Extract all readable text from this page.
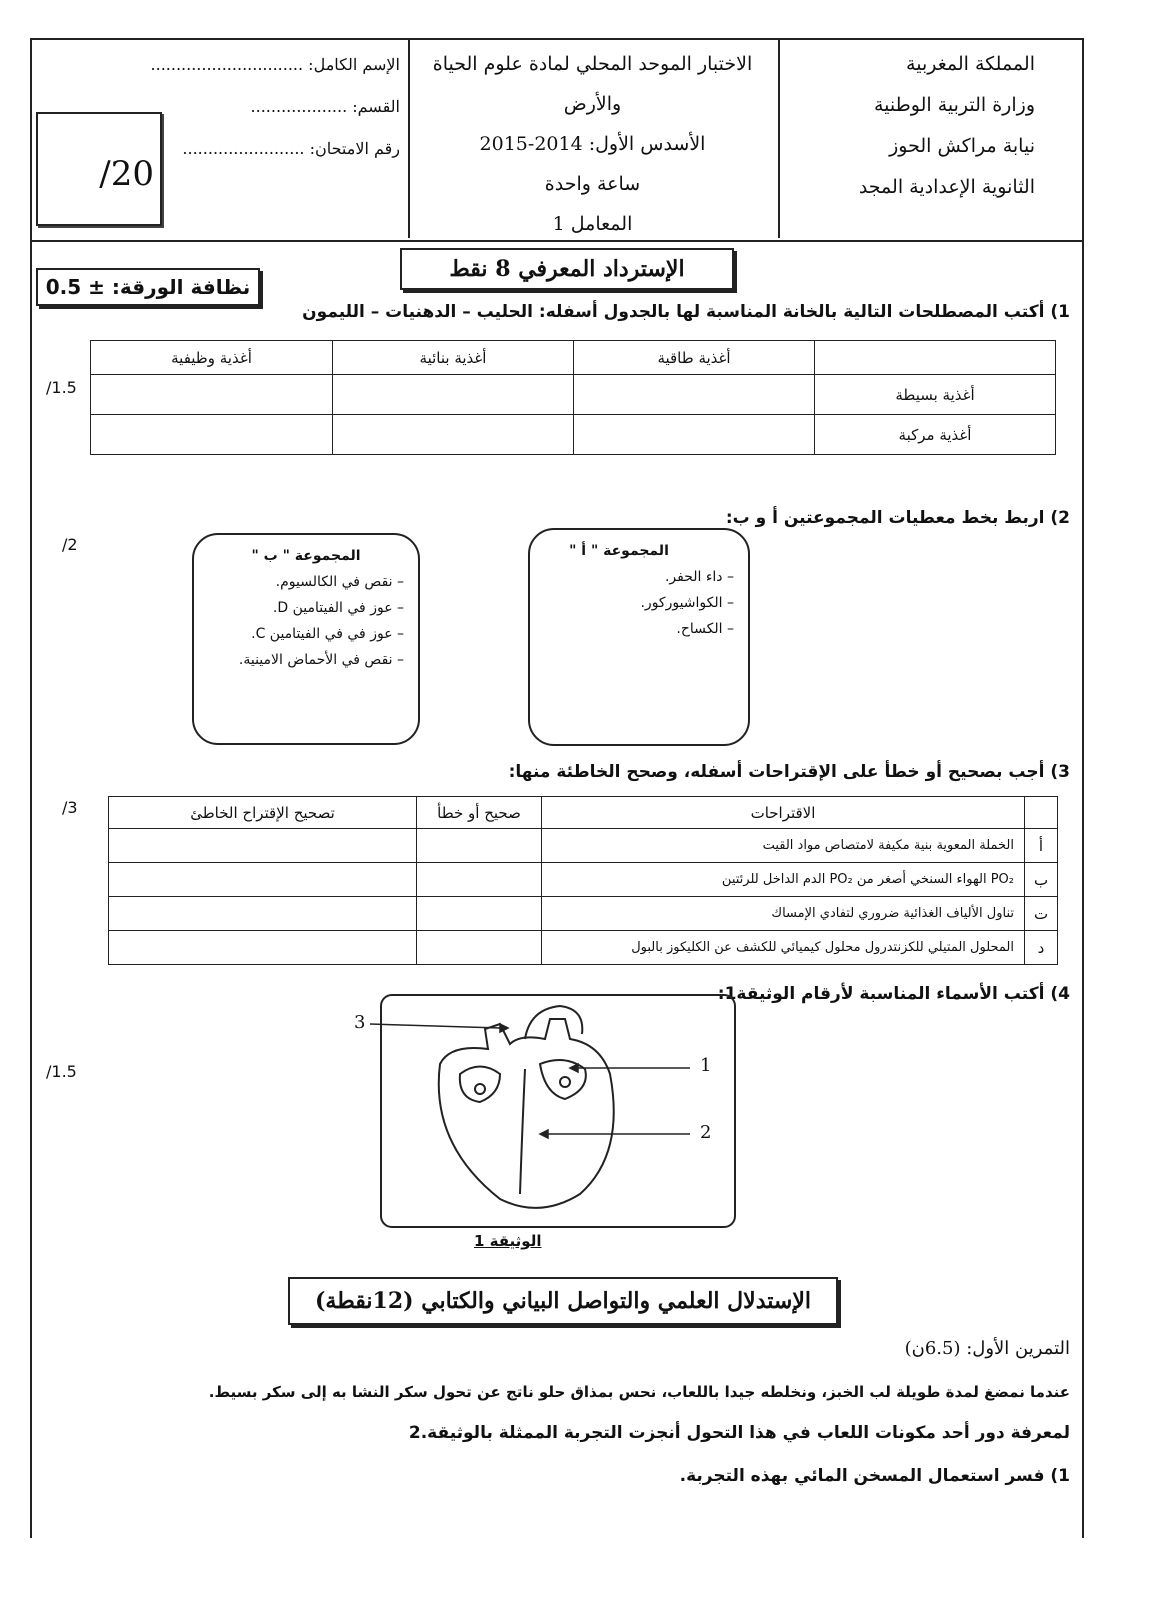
المملكة المغربية
وزارة التربية الوطنية
نيابة مراكش الحوز
الثانوية الإعدادية المجد
الاختبار الموحد المحلي لمادة علوم الحياة
والأرض
الأسدس الأول: 2014-2015
ساعة واحدة
المعامل 1
الإسم الكامل: ..............................
القسم: ...................
رقم الامتحان: ........................
/20
الإسترداد المعرفي 8 نقط
نظافة الورقة: ± 0.5
1) أكتب المصطلحات التالية بالخانة المناسبة لها بالجدول أسفله: الحليب – الدهنيات – الليمون
/1.5
	أغذية طاقية	أغذية بنائية	أغذية وظيفية
أغذية بسيطة			
أغذية مركبة			
2) اربط بخط معطيات المجموعتين أ و ب:
/2	المجموعة " أ "
– داء الحفر.
– الكواشيوركور.
– الكساح.
المجموعة " ب "
– نقص في الكالسيوم.
– عوز في الفيتامين D.
– عوز في في الفيتامين C.
– نقص في الأحماض الامينية.
3) أجب بصحيح أو خطأ على الإقتراحات أسفله، وصحح الخاطئة منها:
/3
		الاقتراحات	صحيح أو خطأ	تصحيح الإقتراح الخاطئ
أ	الخملة المعوية بنية مكيفة لامتصاص مواد القيت		
ب	PO₂ الهواء السنخي أصغر من PO₂ الدم الداخل للرئتين		
ت	تناول الألياف الغذائية ضروري لتفادي الإمساك		
د	المحلول المتيلي للكزنتدرول محلول كيميائي للكشف عن الكليكوز بالبول		
4) أكتب الأسماء المناسبة لأرقام الوثيقة1:
/1.5
3
1
2
الوثيقة 1
الإستدلال العلمي والتواصل البياني والكتابي (12نقطة)
التمرين الأول: (6.5ن)
عندما نمضغ لمدة طويلة لب الخبز، ونخلطه جيدا باللعاب، نحس بمذاق حلو ناتج عن تحول سكر النشا به إلى سكر بسيط.
لمعرفة دور أحد مكونات اللعاب في هذا التحول أنجزت التجربة الممثلة بالوثيقة.2
1) فسر استعمال المسخن المائي بهذه التجربة.
